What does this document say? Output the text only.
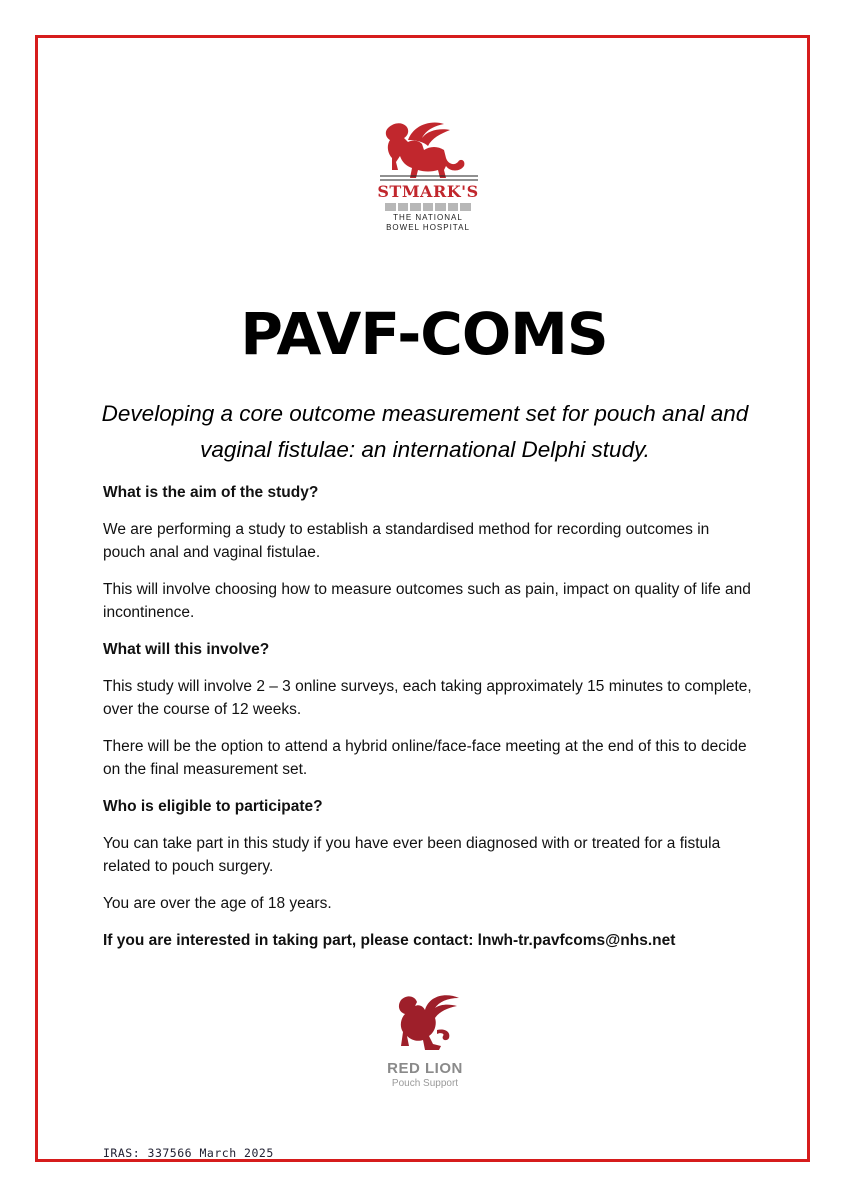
STMARK'S
THE NATIONAL
BOWEL HOSPITAL
PAVF-COMS
Developing a core outcome measurement set for pouch anal and vaginal fistulae: an international Delphi study.

What is the aim of the study?

We are performing a study to establish a standardised method for recording outcomes in pouch anal and vaginal fistulae.

This will involve choosing how to measure outcomes such as pain, impact on quality of life and incontinence.

What will this involve?

This study will involve 2 – 3 online surveys, each taking approximately 15 minutes to complete, over the course of 12 weeks.

There will be the option to attend a hybrid online/face-face meeting at the end of this to decide on the final measurement set.

Who is eligible to participate?

You can take part in this study if you have ever been diagnosed with or treated for a fistula related to pouch surgery.

You are over the age of 18 years.

If you are interested in taking part, please contact: lnwh-tr.pavfcoms@nhs.net

RED LION
Pouch Support
IRAS: 337566 March 2025
